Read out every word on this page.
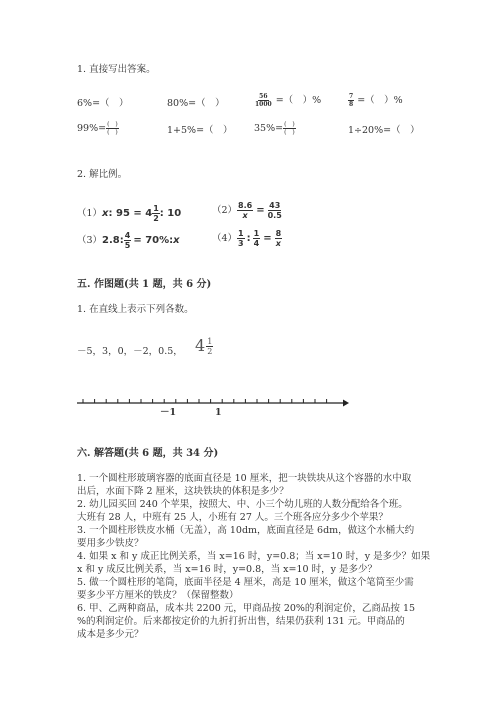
1. 直接写出答案。
6%=（　）	80%=（　）	$\frac{56}{1000}$ =（　）%	$\frac{7}{8}$ =（　）%
$99\%= \frac{( )}{( )}$	1+5%=（　） $35\%= \frac{( )}{( )}$	1÷20%=（　）
2. 解比例。
（1） x : $95 = 4 \frac{1}{2}$ : 10	$(2) \frac{8.6}{x} = \frac{43}{0.5}$
（3） 2.8: $\frac{4}{5} = 70\%$: x	$(4) \frac{1}{3}$ : $\frac{1}{4} = \frac{8}{x}$
五. 作图题(共 1 题，共 6 分)
1. 在直线上表示下列各数。
－5，3，0，－2，0.5， $4 \frac{1}{2}$
－1	1
六. 解答题(共 6 题，共 34 分)
1. 一个圆柱形玻璃容器的底面直径是 10 厘米，把一块铁块从这个容器的水中取
出后，水面下降 2 厘米，这块铁块的体积是多少？
2. 幼儿园买回 240 个苹果，按照大、中、小三个幼儿班的人数分配给各个班。
大班有 28 人，中班有 25 人，小班有 27 人。三个班各应分多少个苹果？
3. 一个圆柱形铁皮水桶（无盖），高 10dm，底面直径是 6dm，做这个水桶大约
要用多少铁皮？
4. 如果 x 和 y 成正比例关系，当 x=16 时，y=0.8；当 x=10 时，y 是多少？如果
x 和 y 成反比例关系，当 x=16 时，y=0.8，当 x=10 时，y 是多少？
5. 做一个圆柱形的笔筒，底面半径是 4 厘米，高是 10 厘米，做这个笔筒至少需
要多少平方厘米的铁皮？（保留整数）
6. 甲、乙两种商品，成本共 2200 元，甲商品按 20%的利润定价，乙商品按 15
%的利润定价。后来都按定价的九折打折出售，结果仍获利 131 元。甲商品的
成本是多少元？
